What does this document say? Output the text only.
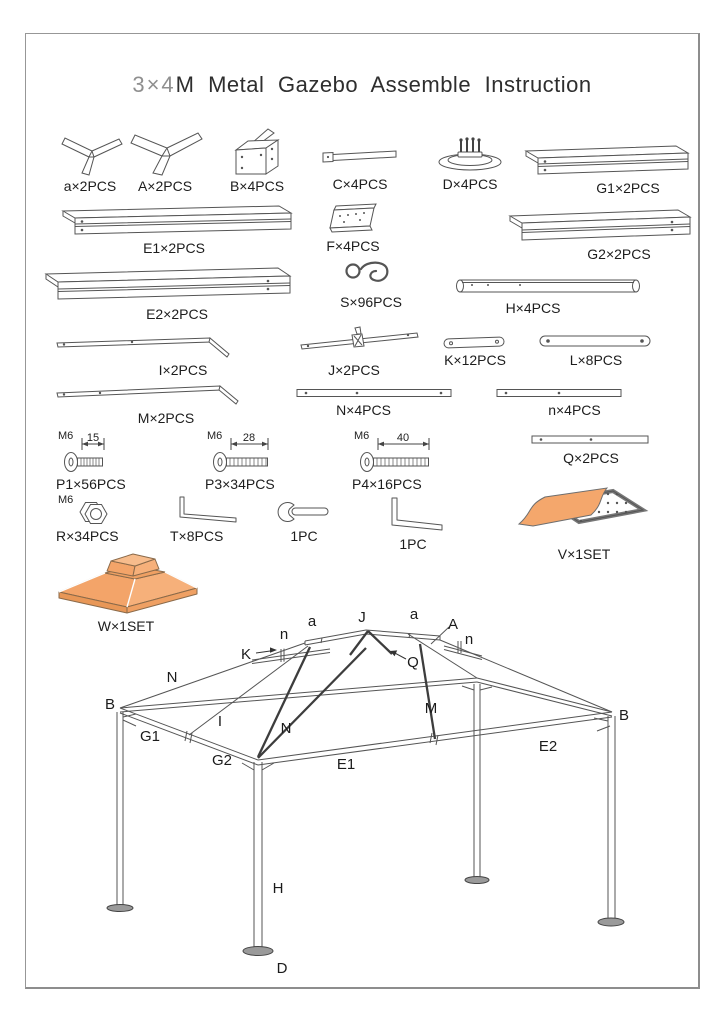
3×4M Metal Gazebo Assemble Instruction
a×2PCS	A×2PCS	B×4PCS	C×4PCS	D×4PCS	G1×2PCS
E1×2PCS	F×4PCS	G2×2PCS
E2×2PCS
S×96PCS	H×4PCS
I×2PCS	J×2PCS
K×12PCS	L×8PCS
M×2PCS	N×4PCS	n×4PCS
M6 15
P1×56PCS
M6 28
P3×34PCS
M6	40
P4×16PCS
Q×2PCS
M6
R×34PCS	T×8PCS	1PC	1PC
V×1SET
W×1SET	a	J	a
A
n	n
K	Q
N
B
G1
I	N
M
E2
B
G2	E1
H
D
